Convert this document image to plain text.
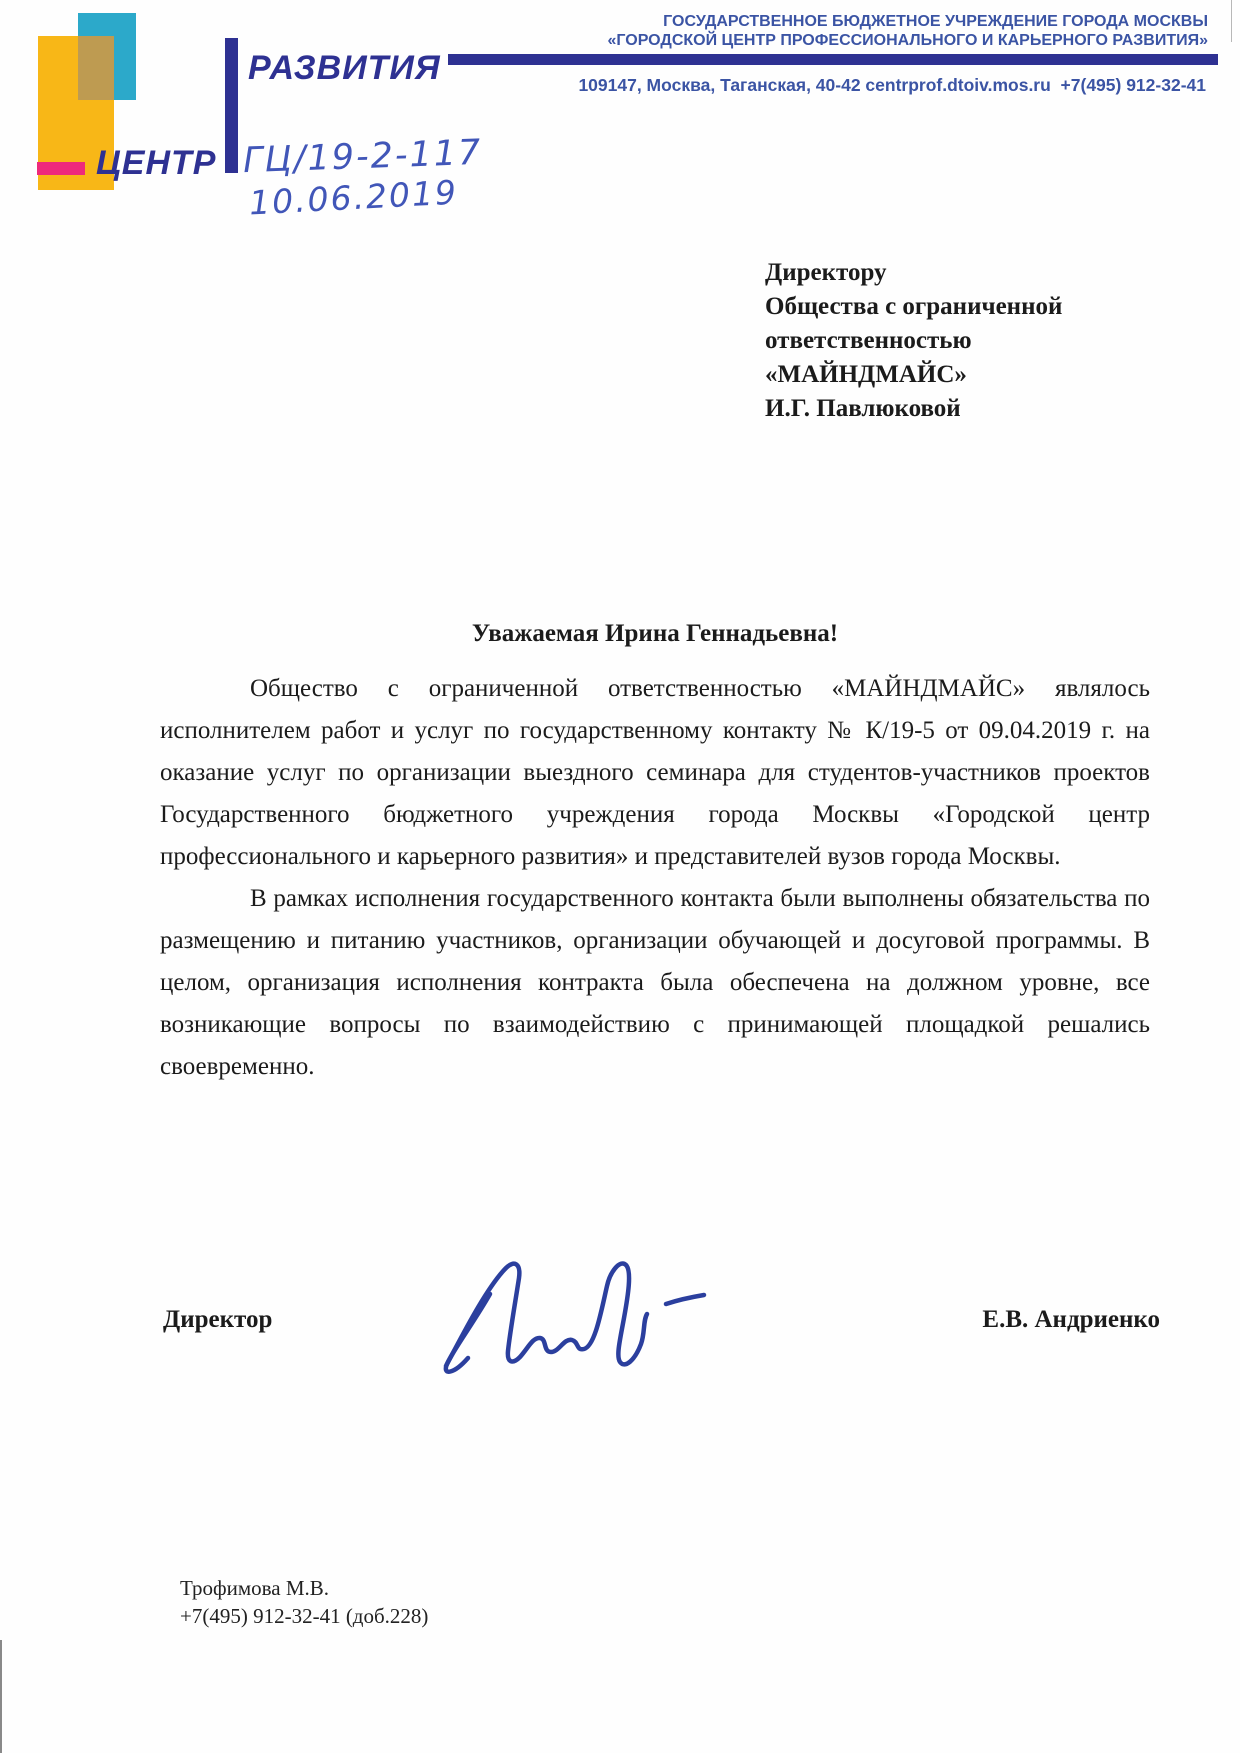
ЦЕНТР
РАЗВИТИЯ
ГОСУДАРСТВЕННОЕ БЮДЖЕТНОЕ УЧРЕЖДЕНИЕ ГОРОДА МОСКВЫ
«ГОРОДСКОЙ ЦЕНТР ПРОФЕССИОНАЛЬНОГО И КАРЬЕРНОГО РАЗВИТИЯ»
109147, Москва, Таганская, 40-42 centrprof.dtoiv.mos.ru  +7(495) 912-32-41
ГЦ/19-2-117
10.06.2019
Директору
Общества с ограниченной
ответственностью
«МАЙНДМАЙС»
И.Г. Павлюковой
Уважаемая Ирина Геннадьевна!

Общество с ограниченной ответственностью «МАЙНДМАЙС» являлось исполнителем работ и услуг по государственному контакту № К/19-5 от 09.04.2019 г. на оказание услуг по организации выездного семинара для студентов-участников проектов Государственного бюджетного учреждения города Москвы «Городской центр профессионального и карьерного развития» и представителей вузов города Москвы.

В рамках исполнения государственного контакта были выполнены обязательства по размещению и питанию участников, организации обучающей и досуговой программы. В целом, организация исполнения контракта была обеспечена на должном уровне, все возникающие вопросы по взаимодействию с принимающей площадкой решались своевременно.

Директор	Е.В. Андриенко
Трофимова М.В.
+7(495) 912-32-41 (доб.228)
